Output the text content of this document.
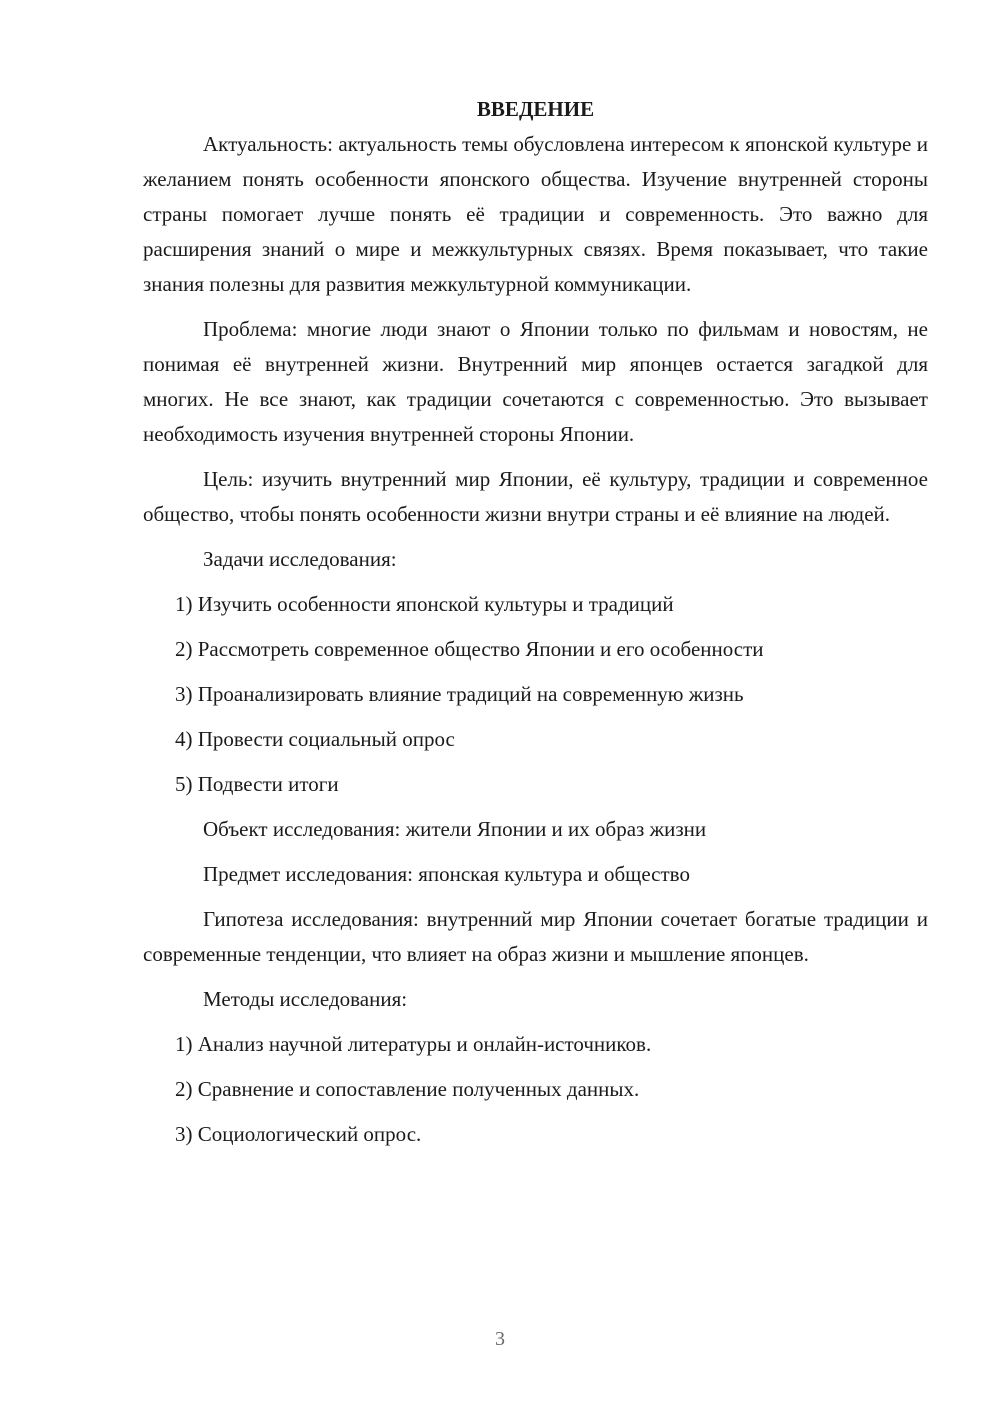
ВВЕДЕНИЕ

Актуальность: актуальность темы обусловлена интересом к японской культуре и желанием понять особенности японского общества. Изучение внутренней стороны страны помогает лучше понять её традиции и современность. Это важно для расширения знаний о мире и межкультурных связях. Время показывает, что такие знания полезны для развития межкультурной коммуникации.

Проблема: многие люди знают о Японии только по фильмам и новостям, не понимая её внутренней жизни. Внутренний мир японцев остается загадкой для многих. Не все знают, как традиции сочетаются с современностью. Это вызывает необходимость изучения внутренней стороны Японии.

Цель: изучить внутренний мир Японии, её культуру, традиции и современное общество, чтобы понять особенности жизни внутри страны и её влияние на людей.

Задачи исследования:

1) Изучить особенности японской культуры и традиций

2) Рассмотреть современное общество Японии и его особенности

3) Проанализировать влияние традиций на современную жизнь

4) Провести социальный опрос

5) Подвести итоги

Объект исследования: жители Японии и их образ жизни

Предмет исследования: японская культура и общество

Гипотеза исследования: внутренний мир Японии сочетает богатые традиции и современные тенденции, что влияет на образ жизни и мышление японцев.

Методы исследования:

1) Анализ научной литературы и онлайн-источников.

2) Сравнение и сопоставление полученных данных.

3) Социологический опрос.

3
